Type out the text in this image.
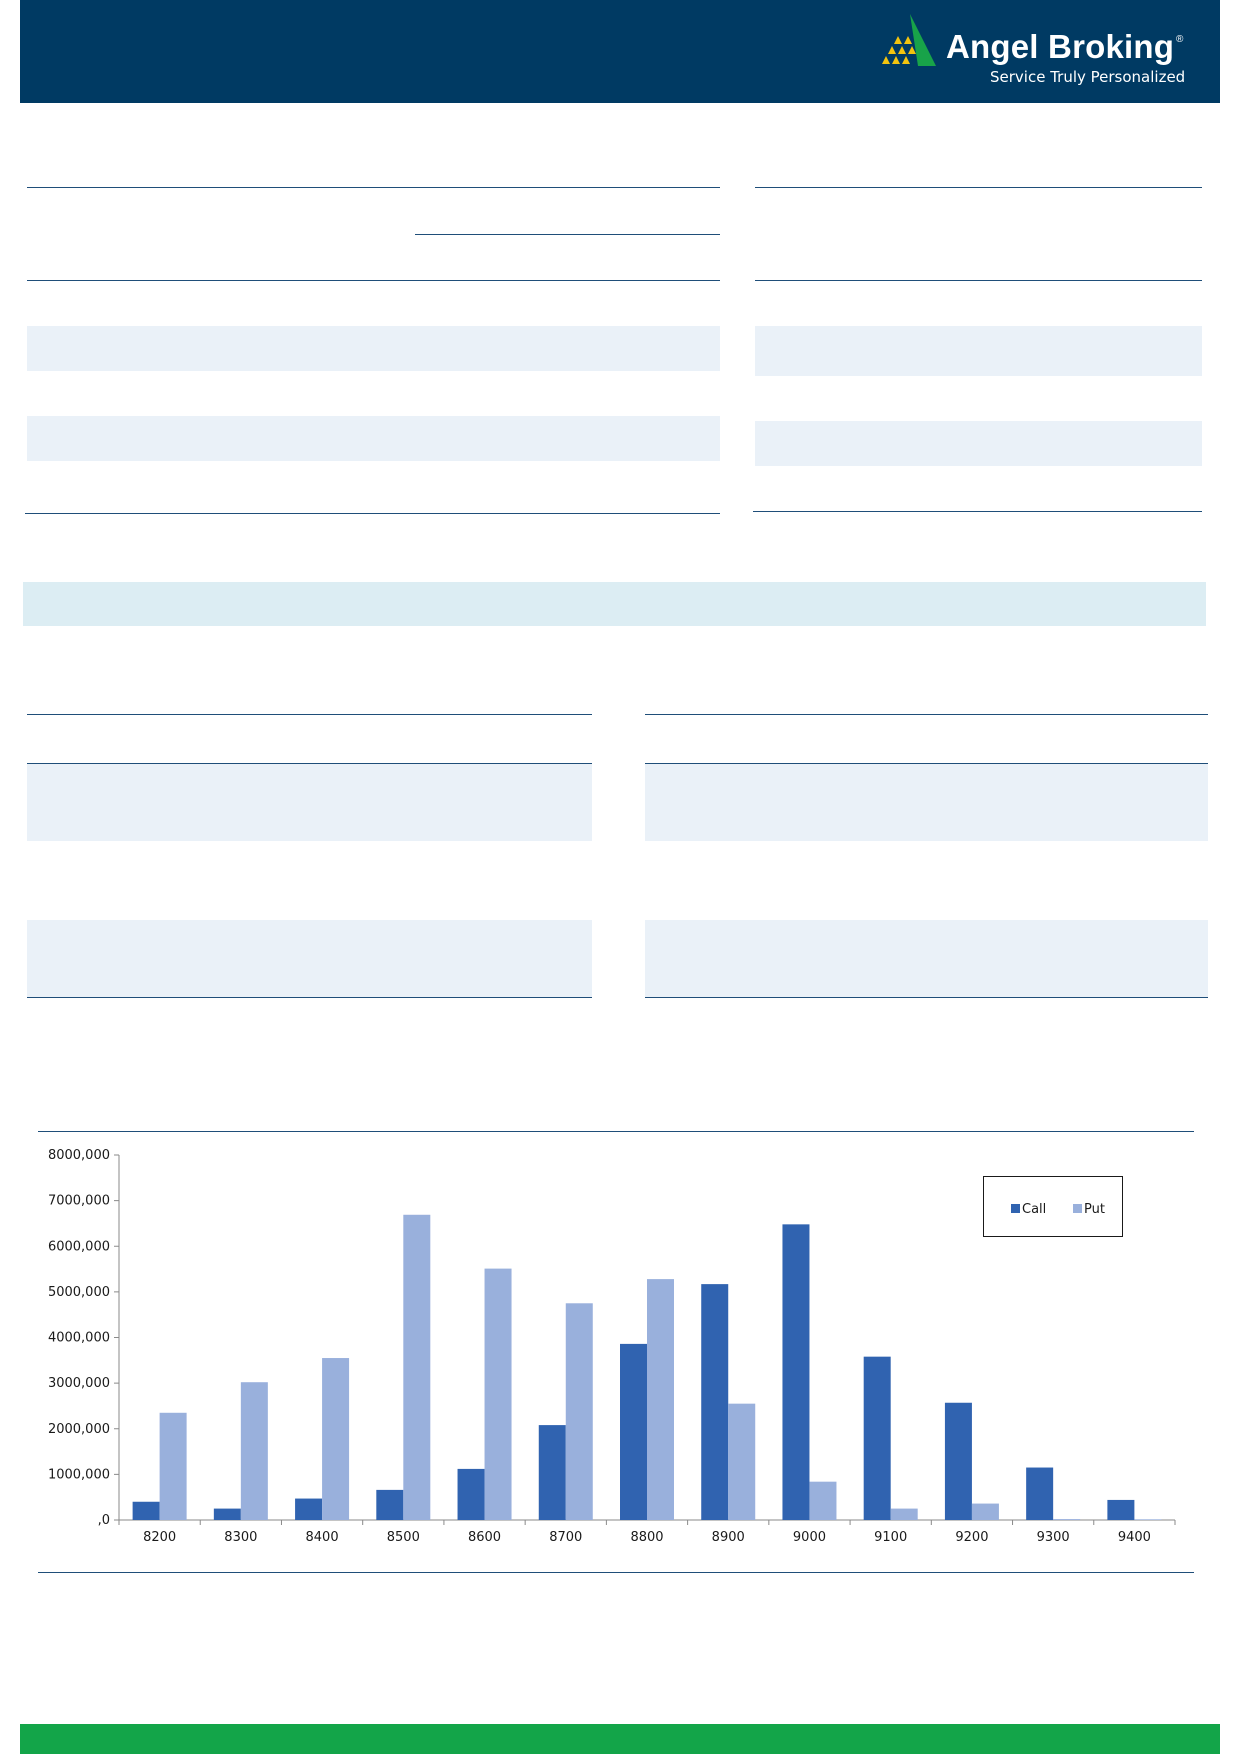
Angel Broking ®
Service Truly Personalized
,0
1000,000
2000,000
3000,000
4000,000
5000,000
6000,000
7000,000
8000,000
8200	8300	8400	8500	8600	8700	8800	8900	9000	9100	9200	9300	9400
Call	Put
